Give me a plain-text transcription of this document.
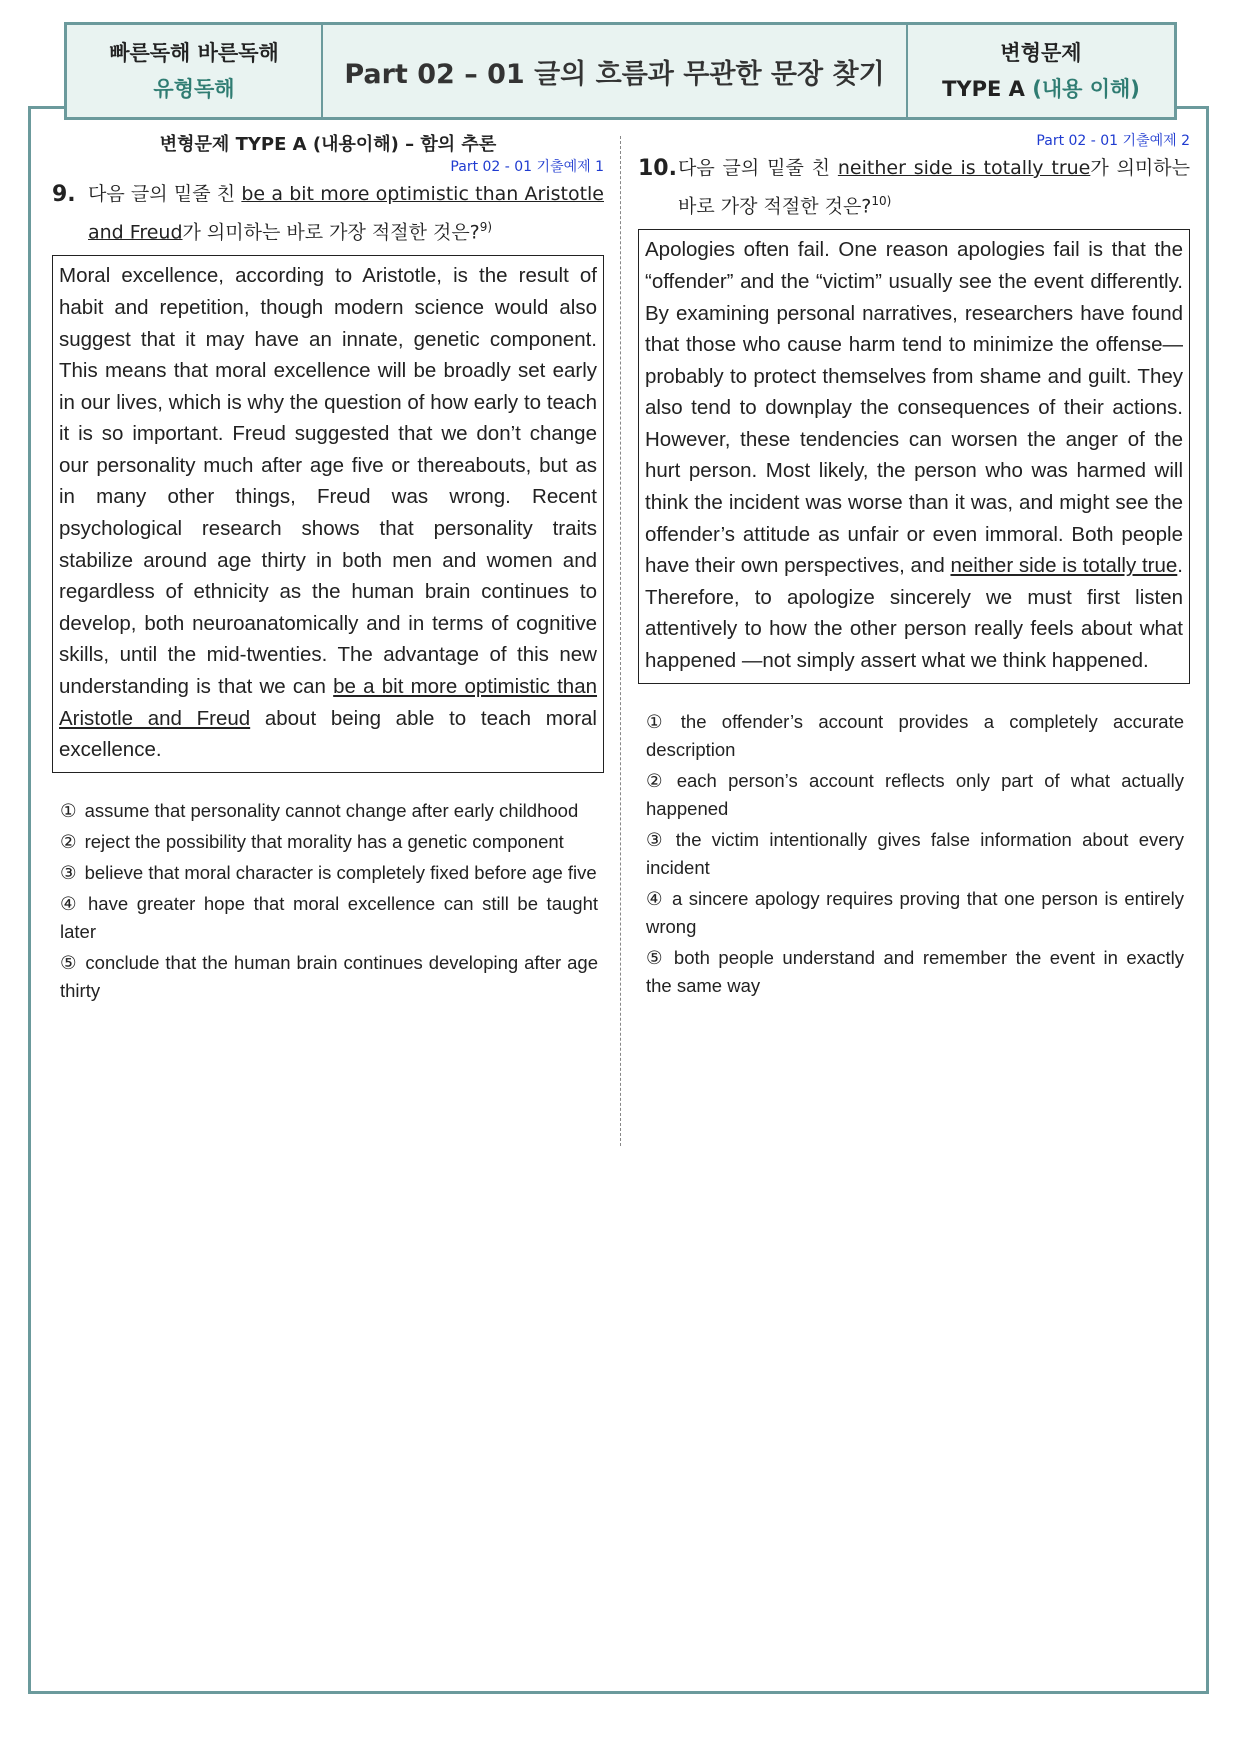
빠른독해 바른독해
유형독해	Part 02 – 01 글의 흐름과 무관한 문장 찾기
변형문제
TYPE A (내용 이해)
변형문제 TYPE A (내용이해) – 함의 추론
Part 02 - 01 기출예제 1
9. 다음 글의 밑줄 친 be a bit more optimistic than Aristotle and Freud가 의미하는 바로 가장 적절한 것은?$^{9)}$
Moral excellence, according to Aristotle, is the result of habit and repetition, though modern science would also suggest that it may have an innate, genetic component. This means that moral excellence will be broadly set early in our lives, which is why the question of how early to teach it is so important. Freud suggested that we don’t change our personality much after age five or thereabouts, but as in many other things, Freud was wrong. Recent psychological research shows that personality traits stabilize around age thirty in both men and women and regardless of ethnicity as the human brain continues to develop, both neuroanatomically and in terms of cognitive skills, until the mid-twenties. The advantage of this new understanding is that we can be a bit more optimistic than Aristotle and Freud about being able to teach moral excellence.
① assume that personality cannot change after early childhood
② reject the possibility that morality has a genetic component
③ believe that moral character is completely fixed before age five
④ have greater hope that moral excellence can still be taught later
⑤ conclude that the human brain continues developing after age thirty
Part 02 - 01 기출예제 2
10. 다음 글의 밑줄 친 neither side is totally true가 의미하는 바로 가장 적절한 것은?$^{10)}$
Apologies often fail. One reason apologies fail is that the “offender” and the “victim” usually see the event differently. By examining personal narratives, researchers have found that those who cause harm tend to minimize the offense—probably to protect themselves from shame and guilt. They also tend to downplay the consequences of their actions. However, these tendencies can worsen the anger of the hurt person. Most likely, the person who was harmed will think the incident was worse than it was, and might see the offender’s attitude as unfair or even immoral. Both people have their own perspectives, and neither side is totally true. Therefore, to apologize sincerely we must first listen attentively to how the other person really feels about what happened —not simply assert what we think happened.
① the offender’s account provides a completely accurate description
② each person’s account reflects only part of what actually happened
③ the victim intentionally gives false information about every incident
④ a sincere apology requires proving that one person is entirely wrong
⑤ both people understand and remember the event in exactly the same way
